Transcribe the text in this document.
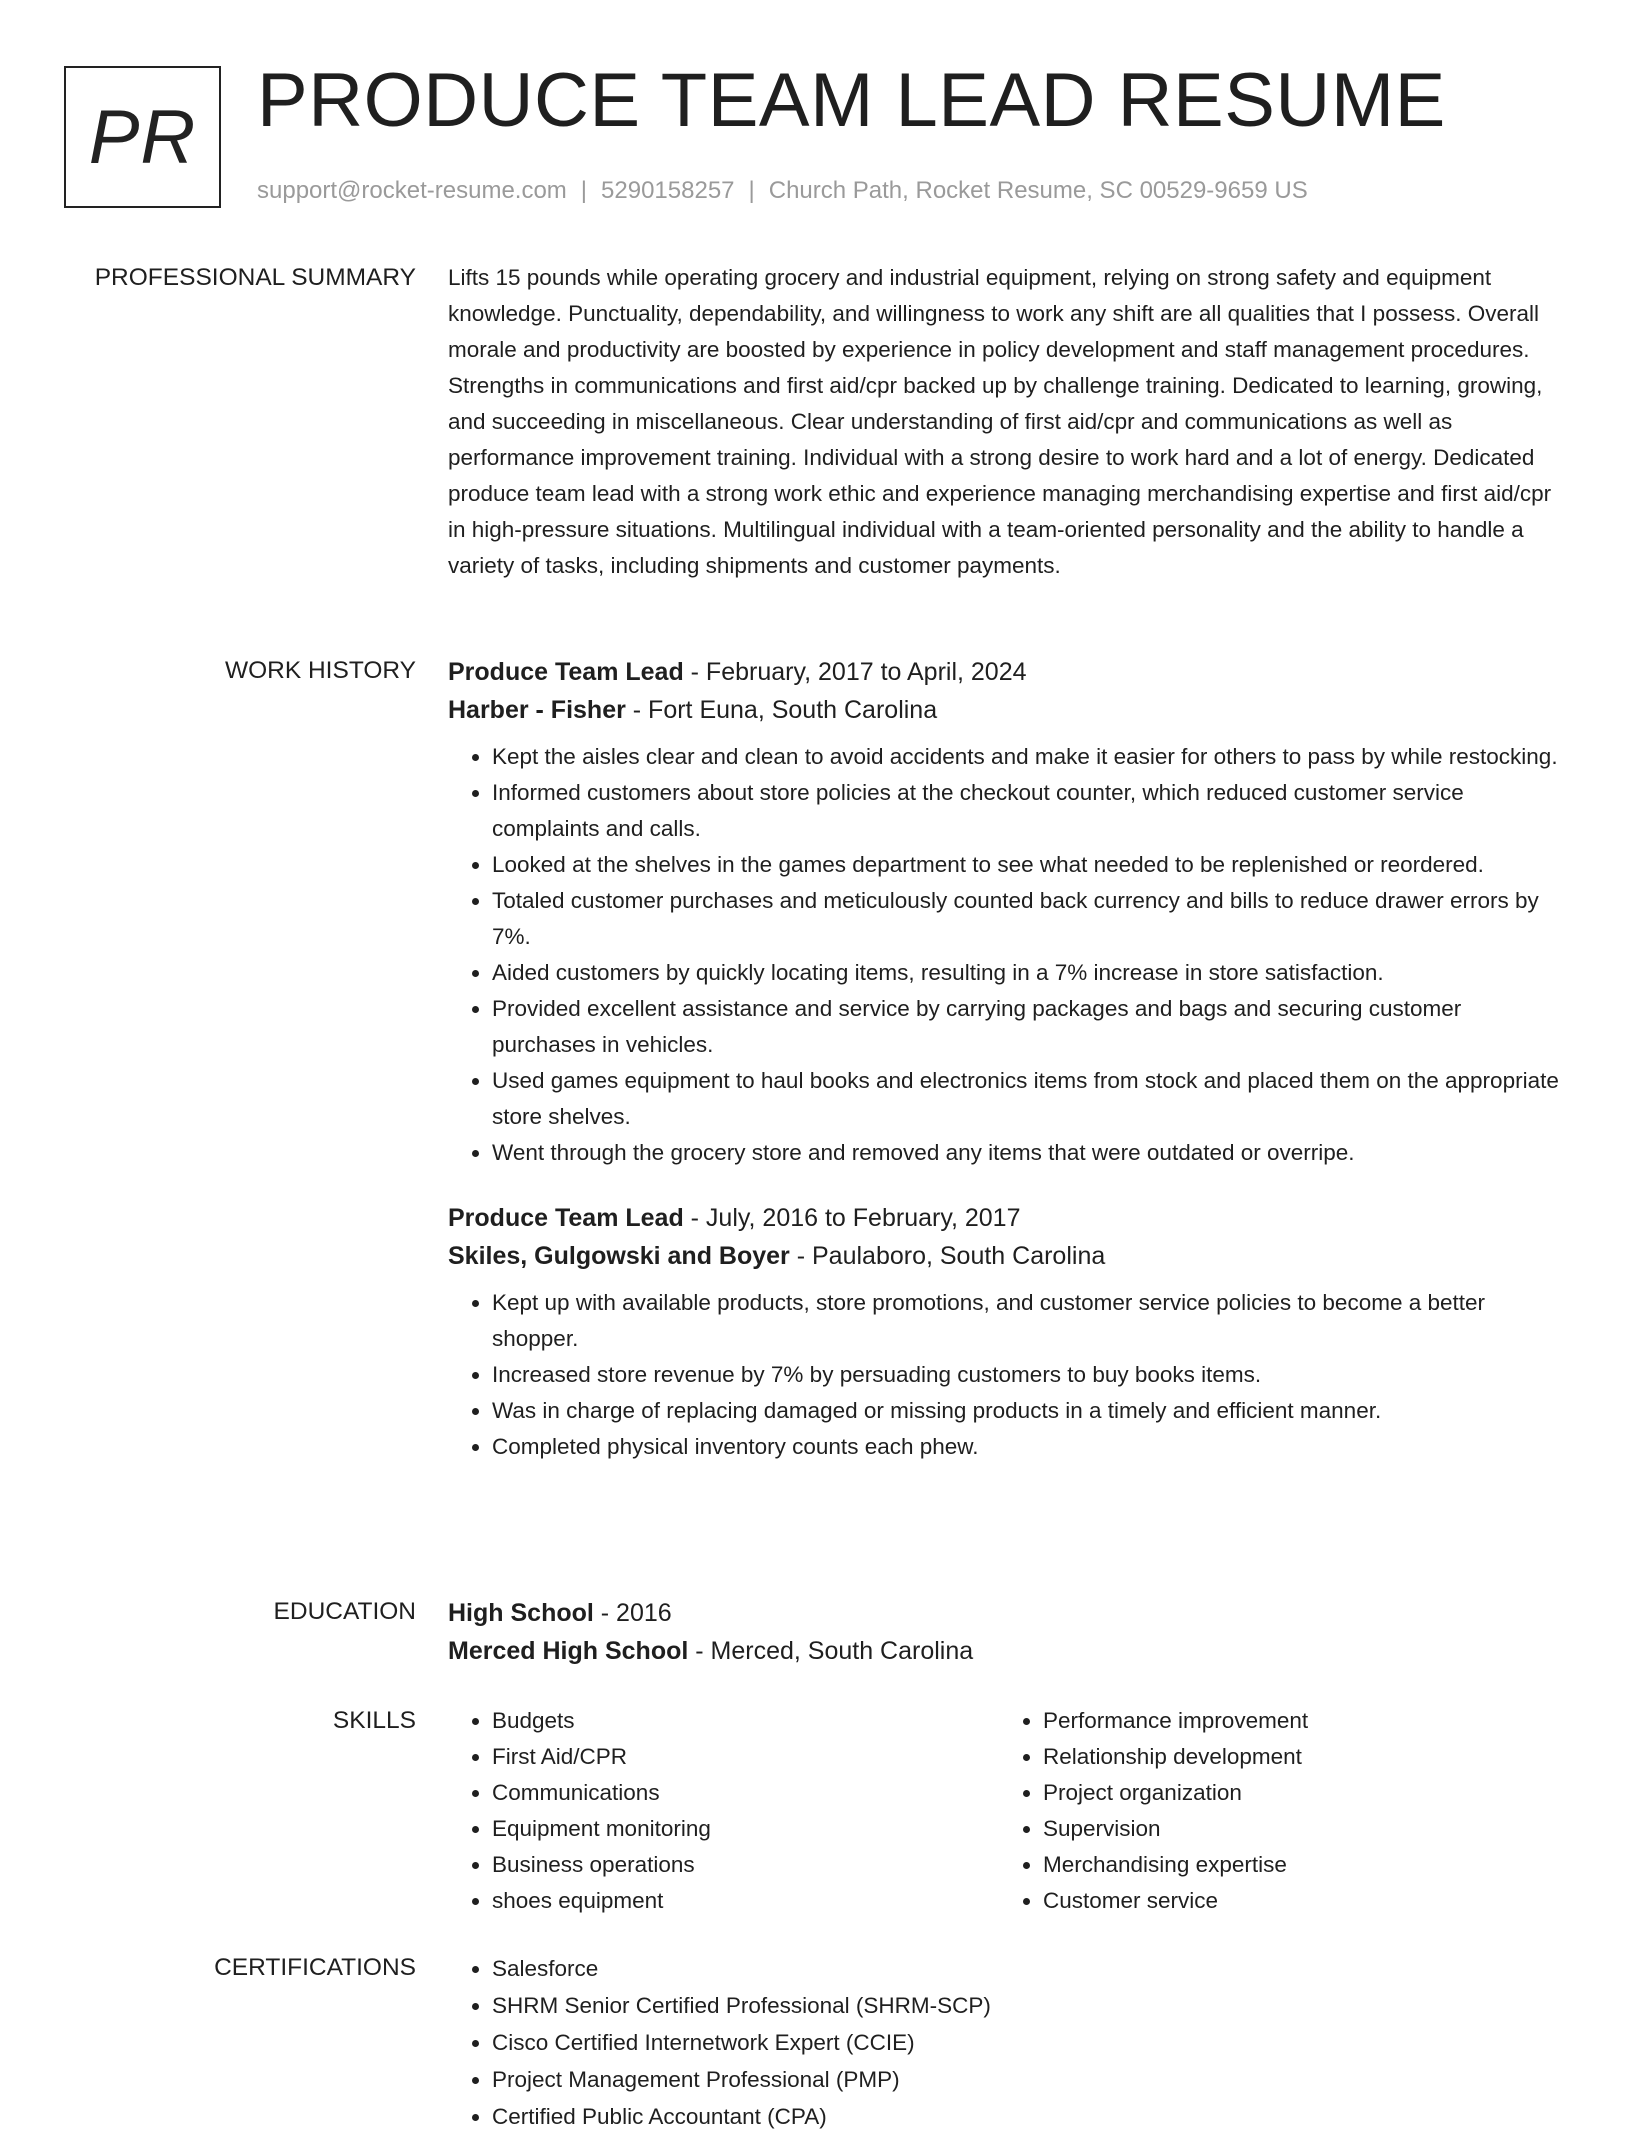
PR PRODUCE TEAM LEAD RESUME
support@rocket-resume.com | 5290158257 | Church Path, Rocket Resume, SC 00529-9659 US
PROFESSIONAL SUMMARY Lifts 15 pounds while operating grocery and industrial equipment, relying on strong safety and equipment knowledge. Punctuality, dependability, and willingness to work any shift are all qualities that I possess. Overall morale and productivity are boosted by experience in policy development and staff management procedures. Strengths in communications and first aid/cpr backed up by challenge training. Dedicated to learning, growing, and succeeding in miscellaneous. Clear understanding of first aid/cpr and communications as well as performance improvement training. Individual with a strong desire to work hard and a lot of energy. Dedicated produce team lead with a strong work ethic and experience managing merchandising expertise and first aid/cpr in high-pressure situations. Multilingual individual with a team-oriented personality and the ability to handle a variety of tasks, including shipments and customer payments.

WORK HISTORY Produce Team Lead - February, 2017 to April, 2024
Harber - Fisher - Fort Euna, South Carolina
• Kept the aisles clear and clean to avoid accidents and make it easier for others to pass by while restocking.
• Informed customers about store policies at the checkout counter, which reduced customer service complaints and calls.
• Looked at the shelves in the games department to see what needed to be replenished or reordered.
• Totaled customer purchases and meticulously counted back currency and bills to reduce drawer errors by 7%.
• Aided customers by quickly locating items, resulting in a 7% increase in store satisfaction.
• Provided excellent assistance and service by carrying packages and bags and securing customer purchases in vehicles.
• Used games equipment to haul books and electronics items from stock and placed them on the appropriate store shelves.
• Went through the grocery store and removed any items that were outdated or overripe.
Produce Team Lead - July, 2016 to February, 2017
Skiles, Gulgowski and Boyer - Paulaboro, South Carolina
• Kept up with available products, store promotions, and customer service policies to become a better shopper.
• Increased store revenue by 7% by persuading customers to buy books items.
• Was in charge of replacing damaged or missing products in a timely and efficient manner.
• Completed physical inventory counts each phew.
EDUCATION High School - 2016
Merced High School - Merced, South Carolina
SKILLS	• Budgets
• First Aid/CPR
• Communications
• Equipment monitoring
• Business operations
• shoes equipment
• Performance improvement
• Relationship development
• Project organization
• Supervision
• Merchandising expertise
• Customer service
CERTIFICATIONS	• Salesforce
• SHRM Senior Certified Professional (SHRM-SCP)
• Cisco Certified Internetwork Expert (CCIE)
• Project Management Professional (PMP)
• Certified Public Accountant (CPA)
